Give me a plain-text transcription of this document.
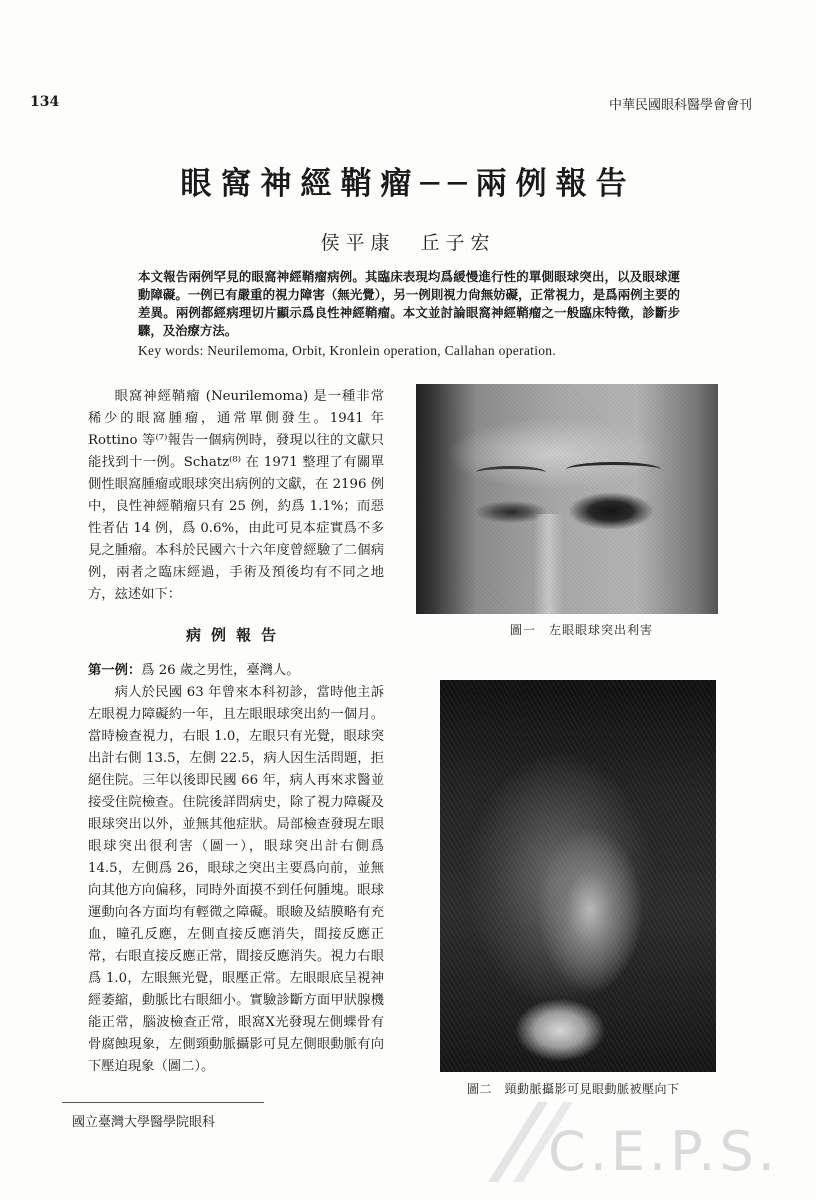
134	中華民國眼科醫學會會刊
眼窩神經鞘瘤──兩例報告
侯平康　丘子宏

本文報告兩例罕見的眼窩神經鞘瘤病例。其臨床表現均爲緩慢進行性的單側眼球突出，以及眼球運動障礙。一例已有嚴重的視力障害（無光覺），另一例則視力尙無妨礙，正常視力，是爲兩例主要的差異。兩例都經病理切片顯示爲良性神經鞘瘤。本文並討論眼窩神經鞘瘤之一般臨床特徵，診斷步驟，及治療方法。

Key words: Neurilemoma, Orbit, Kronlein operation, Callahan operation.

眼窩神經鞘瘤 (Neurilemoma) 是一種非常稀少的眼窩腫瘤，通常單側發生。1941 年 Rottino 等⁽⁷⁾報告一個病例時，發現以往的文獻只能找到十一例。Schatz⁽⁸⁾ 在 1971 整理了有關單側性眼窩腫瘤或眼球突出病例的文獻，在 2196 例中，良性神經鞘瘤只有 25 例，約爲 1.1%；而惡性者佔 14 例，爲 0.6%，由此可見本症實爲不多見之腫瘤。本科於民國六十六年度曾經驗了二個病例，兩者之臨床經過，手術及預後均有不同之地方，玆述如下：

病例報告

第一例：爲 26 歲之男性，臺灣人。

病人於民國 63 年曾來本科初診，當時他主訴左眼視力障礙約一年，且左眼眼球突出約一個月。當時檢查視力，右眼 1.0，左眼只有光覺，眼球突出計右側 13.5，左側 22.5，病人因生活問題，拒絕住院。三年以後即民國 66 年，病人再來求醫並接受住院檢查。住院後詳問病史，除了視力障礙及眼球突出以外，並無其他症狀。局部檢查發現左眼眼球突出很利害（圖一），眼球突出計右側爲 14.5，左側爲 26，眼球之突出主要爲向前，並無向其他方向偏移，同時外面摸不到任何腫塊。眼球運動向各方面均有輕微之障礙。眼瞼及結膜略有充血，瞳孔反應，左側直接反應消失，間接反應正常，右眼直接反應正常，間接反應消失。視力右眼爲 1.0，左眼無光覺，眼壓正常。左眼眼底呈視神經萎縮，動脈比右眼細小。實驗診斷方面甲狀腺機能正常，腦波檢查正常，眼窩X光發現左側蝶骨有骨腐蝕現象，左側頸動脈攝影可見左側眼動脈有向下壓迫現象（圖二）。

圖一　左眼眼球突出利害
圖二　頸動脈攝影可見眼動脈被壓向下
國立臺灣大學醫學院眼科	C.E.P.S.
